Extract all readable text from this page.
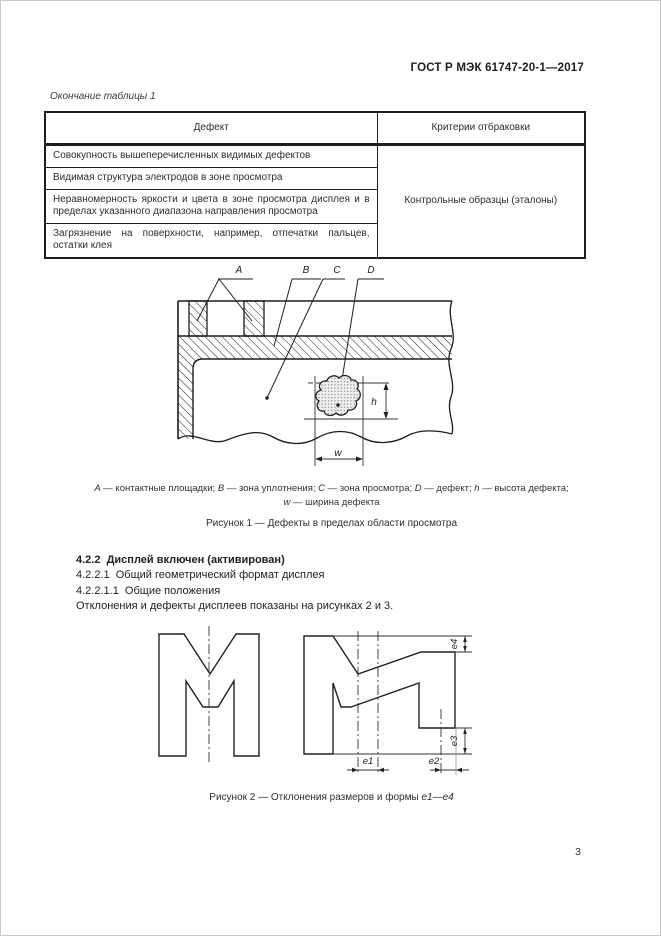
ГОСТ Р МЭК 61747-20-1—2017
Окончание таблицы 1
Дефект	Критерии отбраковки
Совокупность вышеперечисленных видимых дефектов	Контрольные образцы (эталоны)
Видимая структура электродов в зоне просмотра	
Неравномерность яркости и цвета в зоне просмотра дисплея и в пределах указанного диапазона направления просмотра	
Загрязнение на поверхности, например, отпечатки пальцев, остатки клея	
A	B C	D
h
w
A — контактные площадки; B — зона уплотнения; C — зона просмотра; D — дефект; h — высота дефекта;
w — ширина дефекта
Рисунок 1 — Дефекты в пределах области просмотра
4.2.2  Дисплей включен (активирован)
4.2.2.1  Общий геометрический формат дисплея
4.2.2.1.1  Общие положения
Отклонения и дефекты дисплеев показаны на рисунках 2 и 3.
e1	e2
e3
e4
Рисунок 2 — Отклонения размеров и формы e1—e4
3
